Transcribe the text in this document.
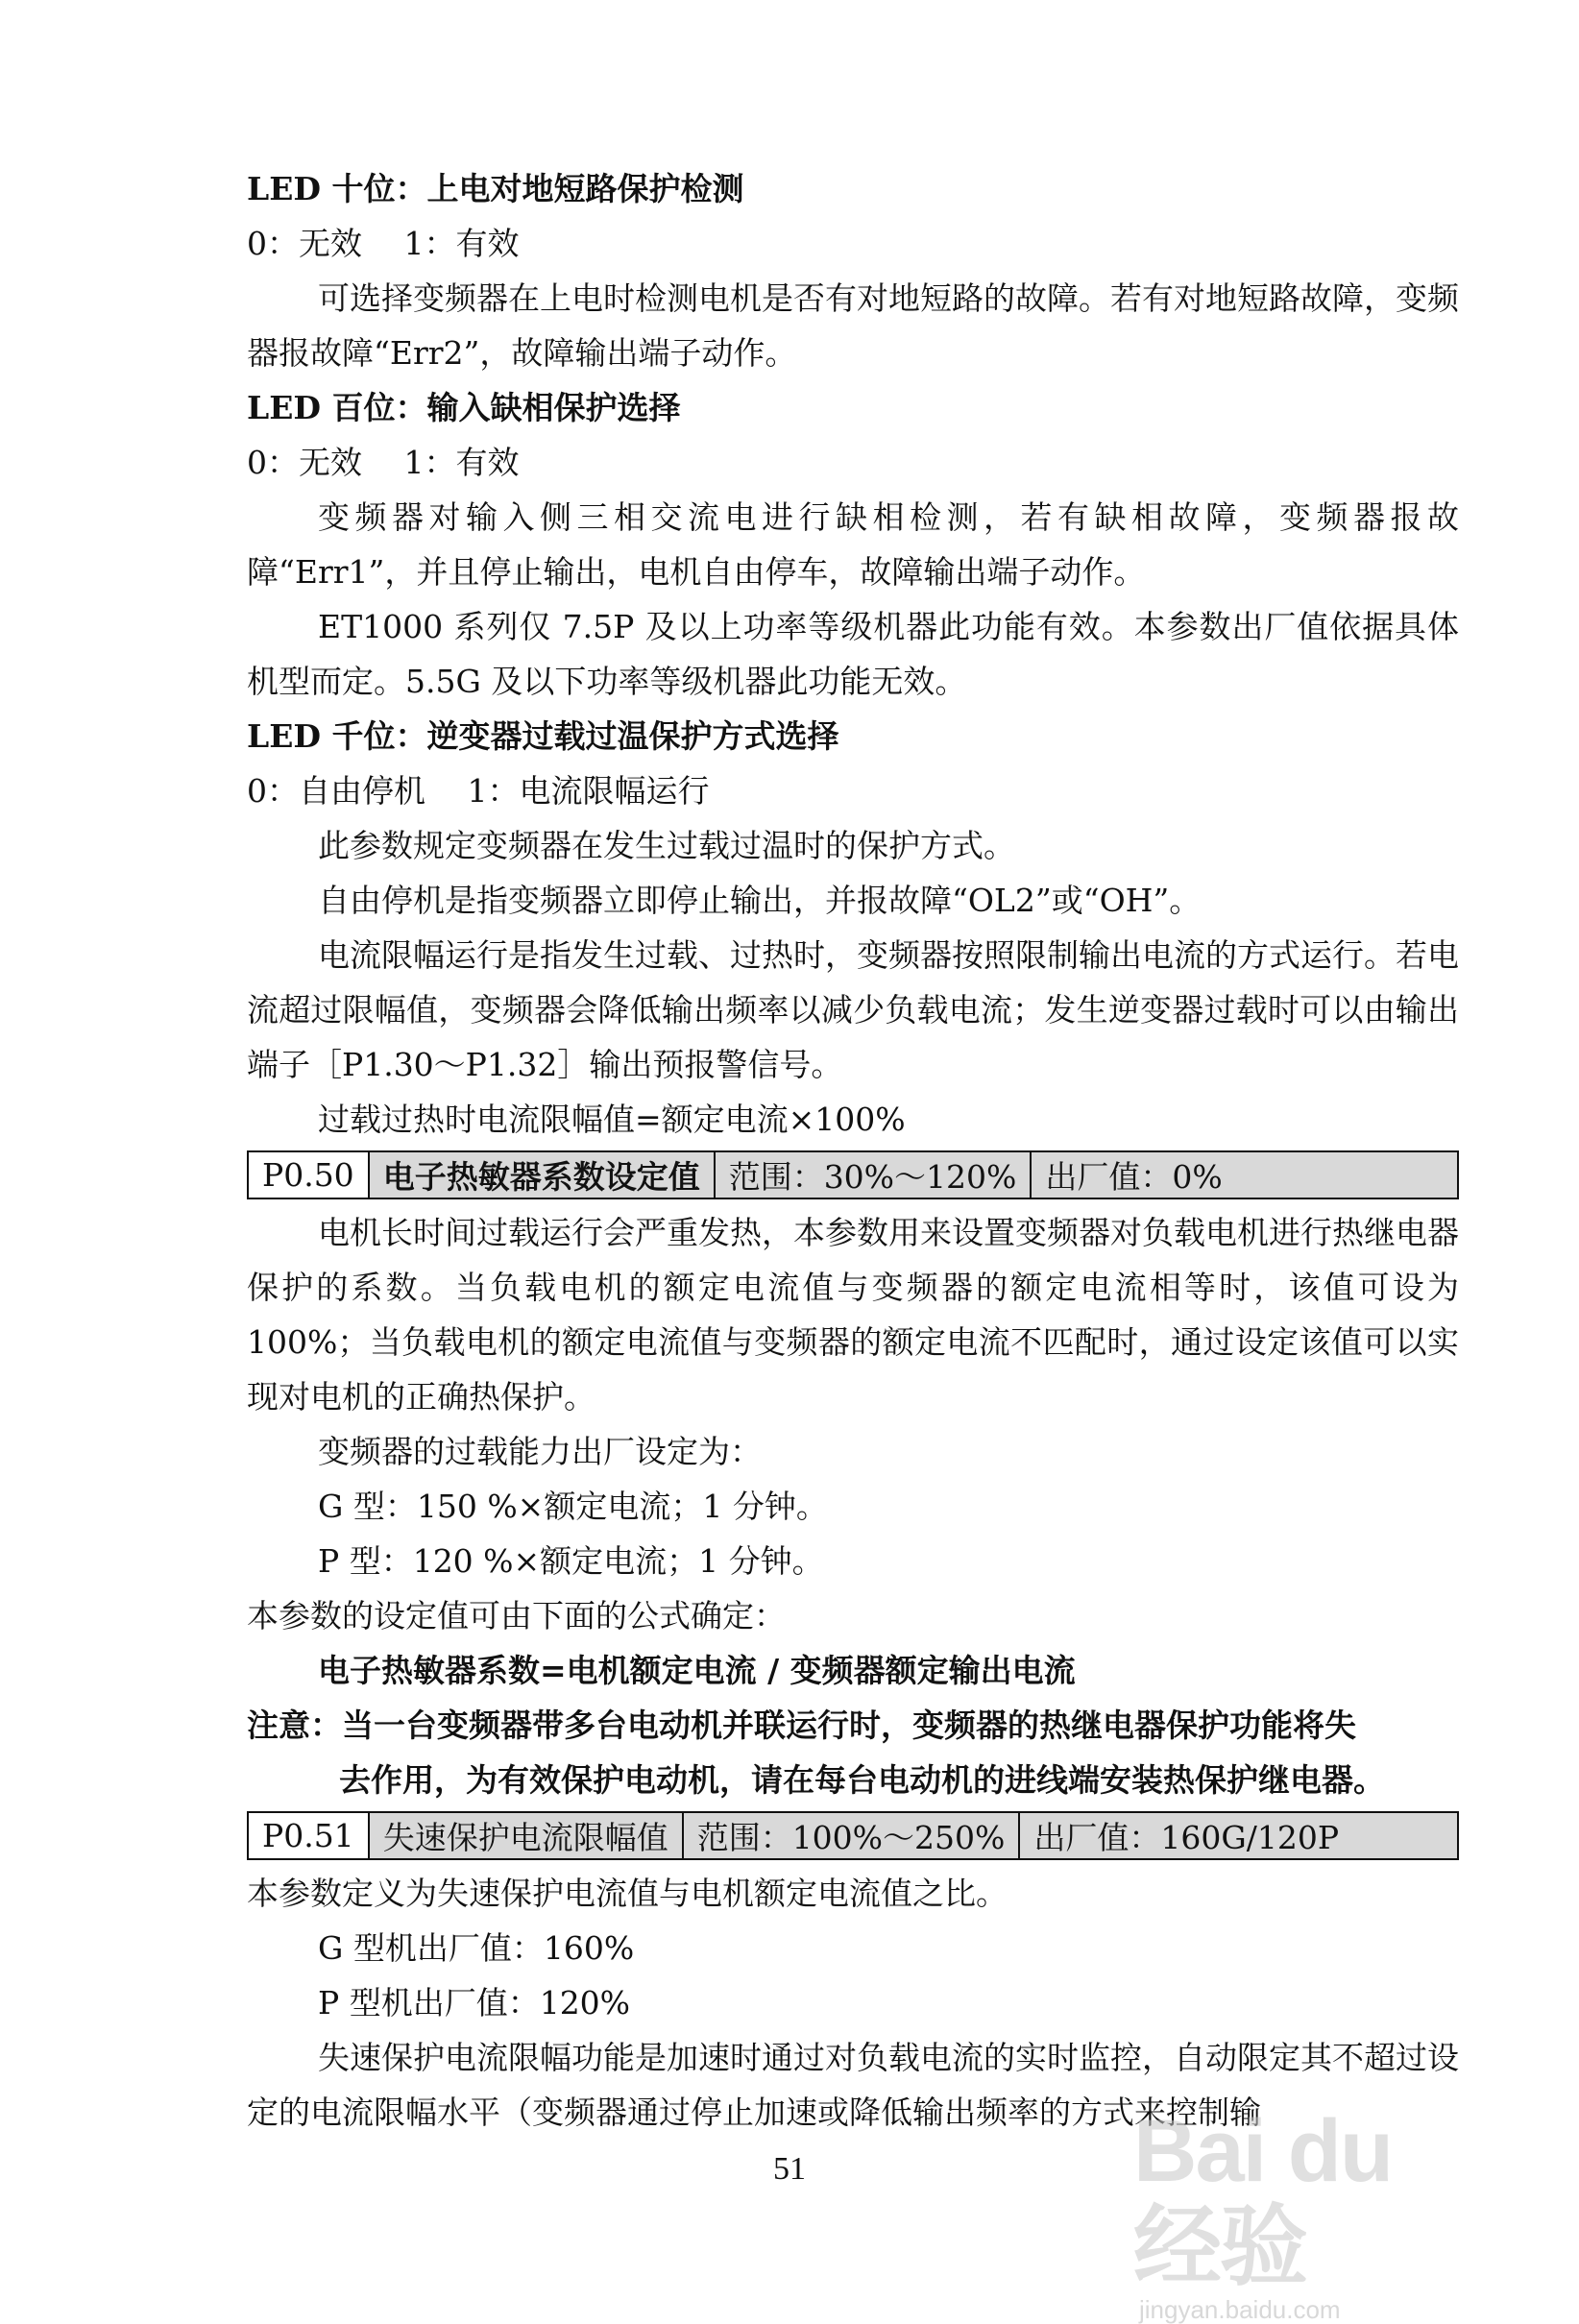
LED 十位：上电对地短路保护检测
0：无效　 1：有效
可选择变频器在上电时检测电机是否有对地短路的故障。若有对地短路故障，变频器报故障“Err2”，故障输出端子动作。
LED 百位：输入缺相保护选择
0：无效　 1：有效
变频器对输入侧三相交流电进行缺相检测，若有缺相故障，变频器报故障“Err1”，并且停止输出，电机自由停车，故障输出端子动作。
ET1000 系列仅 7.5P 及以上功率等级机器此功能有效。本参数出厂值依据具体机型而定。5.5G 及以下功率等级机器此功能无效。
LED 千位：逆变器过载过温保护方式选择
0：自由停机　 1：电流限幅运行
此参数规定变频器在发生过载过温时的保护方式。
自由停机是指变频器立即停止输出，并报故障“OL2”或“OH”。
电流限幅运行是指发生过载、过热时，变频器按照限制输出电流的方式运行。若电流超过限幅值，变频器会降低输出频率以减少负载电流；发生逆变器过载时可以由输出端子［P1.30～P1.32］输出预报警信号。
过载过热时电流限幅值=额定电流×100%
P0.50	电子热敏器系数设定值	范围：30%～120%	出厂值：0%
电机长时间过载运行会严重发热，本参数用来设置变频器对负载电机进行热继电器保护的系数。当负载电机的额定电流值与变频器的额定电流相等时，该值可设为 100%；当负载电机的额定电流值与变频器的额定电流不匹配时，通过设定该值可以实现对电机的正确热保护。
变频器的过载能力出厂设定为：
G 型：150 %×额定电流；1 分钟。
P 型：120 %×额定电流；1 分钟。
本参数的设定值可由下面的公式确定：
电子热敏器系数=电机额定电流 / 变频器额定输出电流
注意：当一台变频器带多台电动机并联运行时，变频器的热继电器保护功能将失
去作用，为有效保护电动机，请在每台电动机的进线端安装热保护继电器。
P0.51	失速保护电流限幅值	范围：100%～250%	出厂值：160G/120P
本参数定义为失速保护电流值与电机额定电流值之比。
G 型机出厂值：160%
P 型机出厂值：120%
失速保护电流限幅功能是加速时通过对负载电流的实时监控，自动限定其不超过设定的电流限幅水平（变频器通过停止加速或降低输出频率的方式来控制输
51	Bai du 经验
jingyan.baidu.com
